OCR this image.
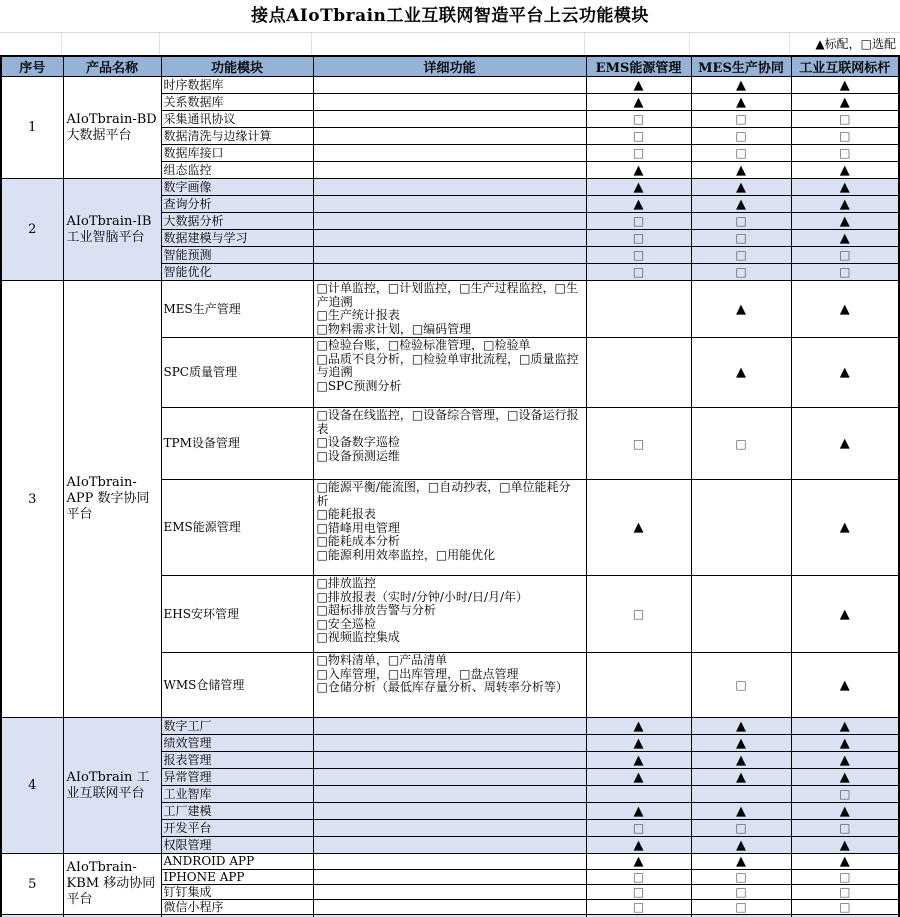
接点AIoTbrain工业互联网智造平台上云功能模块
▲标配，□选配
序号	产品名称	功能模块	详细功能	EMS能源管理	MES生产协同	工业互联网标杆
1	AIoTbrain-BD 大数据平台	时序数据库		▲	▲	▲
		关系数据库		▲	▲	▲
		采集通讯协议		□	□	□
		数据清洗与边缘计算		□	□	□
		数据库接口		□	□	□
		组态监控		▲	▲	▲
2	AIoTbrain-IB 工业智脑平台	数字画像		▲	▲	▲
		查询分析		▲	▲	▲
		大数据分析		□	□	▲
		数据建模与学习		□	□	▲
		智能预测		□	□	□
		智能优化		□	□	□
3	AIoTbrain-APP 数字协同平台	MES生产管理	□计单监控，□计划监控，□生产过程监控，□生产追溯
□生产统计报表
□物料需求计划，□编码管理		▲	▲
		SPC质量管理	□检验台账，□检验标准管理，□检验单
□品质不良分析，□检验单审批流程，□质量监控与追溯
□SPC预测分析		▲	▲
		TPM设备管理	□设备在线监控，□设备综合管理，□设备运行报表
□设备数字巡检
□设备预测运维	□	□	▲
		EMS能源管理	□能源平衡/能流图，□自动抄表，□单位能耗分析
□能耗报表
□错峰用电管理
□能耗成本分析
□能源利用效率监控，□用能优化	▲		▲
		EHS安环管理	□排放监控
□排放报表（实时/分钟/小时/日/月/年）
□超标排放告警与分析
□安全巡检
□视频监控集成	□		▲
		WMS仓储管理	□物料清单，□产品清单
□入库管理，□出库管理，□盘点管理
□仓储分析（最低库存量分析、周转率分析等）		□	▲
4	AIoTbrain 工业互联网平台	数字工厂		▲	▲	▲
		绩效管理		▲	▲	▲
		报表管理		▲	▲	▲
		异常管理		▲	▲	▲
		工业智库				□
		工厂建模		▲	▲	▲
		开发平台		□	□	□
		权限管理		▲	▲	▲
5	AIoTbrain-KBM 移动协同平台	ANDROID APP		▲	▲	▲
		IPHONE APP		□	□	□
		钉钉集成		□	□	□
		微信小程序		□	□	□
